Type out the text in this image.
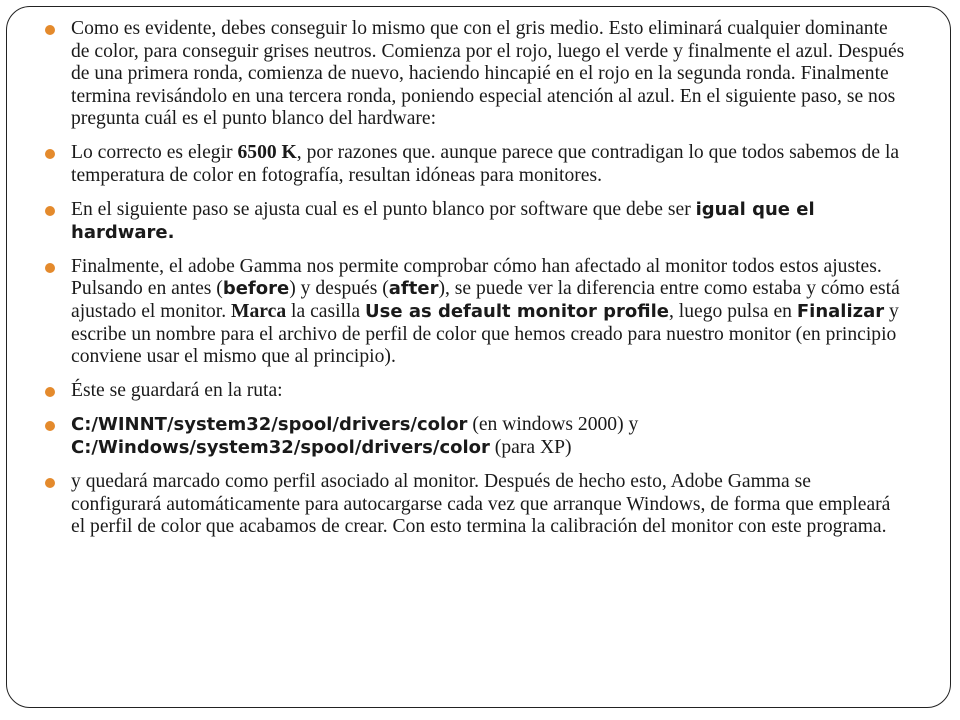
Como es evidente, debes conseguir lo mismo que con el gris medio. Esto eliminará cualquier dominante de color, para conseguir grises neutros. Comienza por el rojo, luego el verde y finalmente el azul. Después de una primera ronda, comienza de nuevo, haciendo hincapié en el rojo en la segunda ronda. Finalmente termina revisándolo en una tercera ronda, poniendo especial atención al azul. En el siguiente paso, se nos pregunta cuál es el punto blanco del hardware:
Lo correcto es elegir 6500 K, por razones que. aunque parece que contradigan lo que todos sabemos de la temperatura de color en fotografía, resultan idóneas para monitores.
En el siguiente paso se ajusta cual es el punto blanco por software que debe ser igual que el hardware.
Finalmente, el adobe Gamma nos permite comprobar cómo han afectado al monitor todos estos ajustes. Pulsando en antes (before) y después (after), se puede ver la diferencia entre como estaba y cómo está ajustado el monitor. Marca la casilla Use as default monitor profile, luego pulsa en Finalizar y escribe un nombre para el archivo de perfil de color que hemos creado para nuestro monitor (en principio conviene usar el mismo que al principio).
Éste se guardará en la ruta:
C:/WINNT/system32/spool/drivers/color (en windows 2000) y C:/Windows/system32/spool/drivers/color (para XP)
y quedará marcado como perfil asociado al monitor. Después de hecho esto, Adobe Gamma se configurará automáticamente para autocargarse cada vez que arranque Windows, de forma que empleará el perfil de color que acabamos de crear. Con esto termina la calibración del monitor con este programa.
